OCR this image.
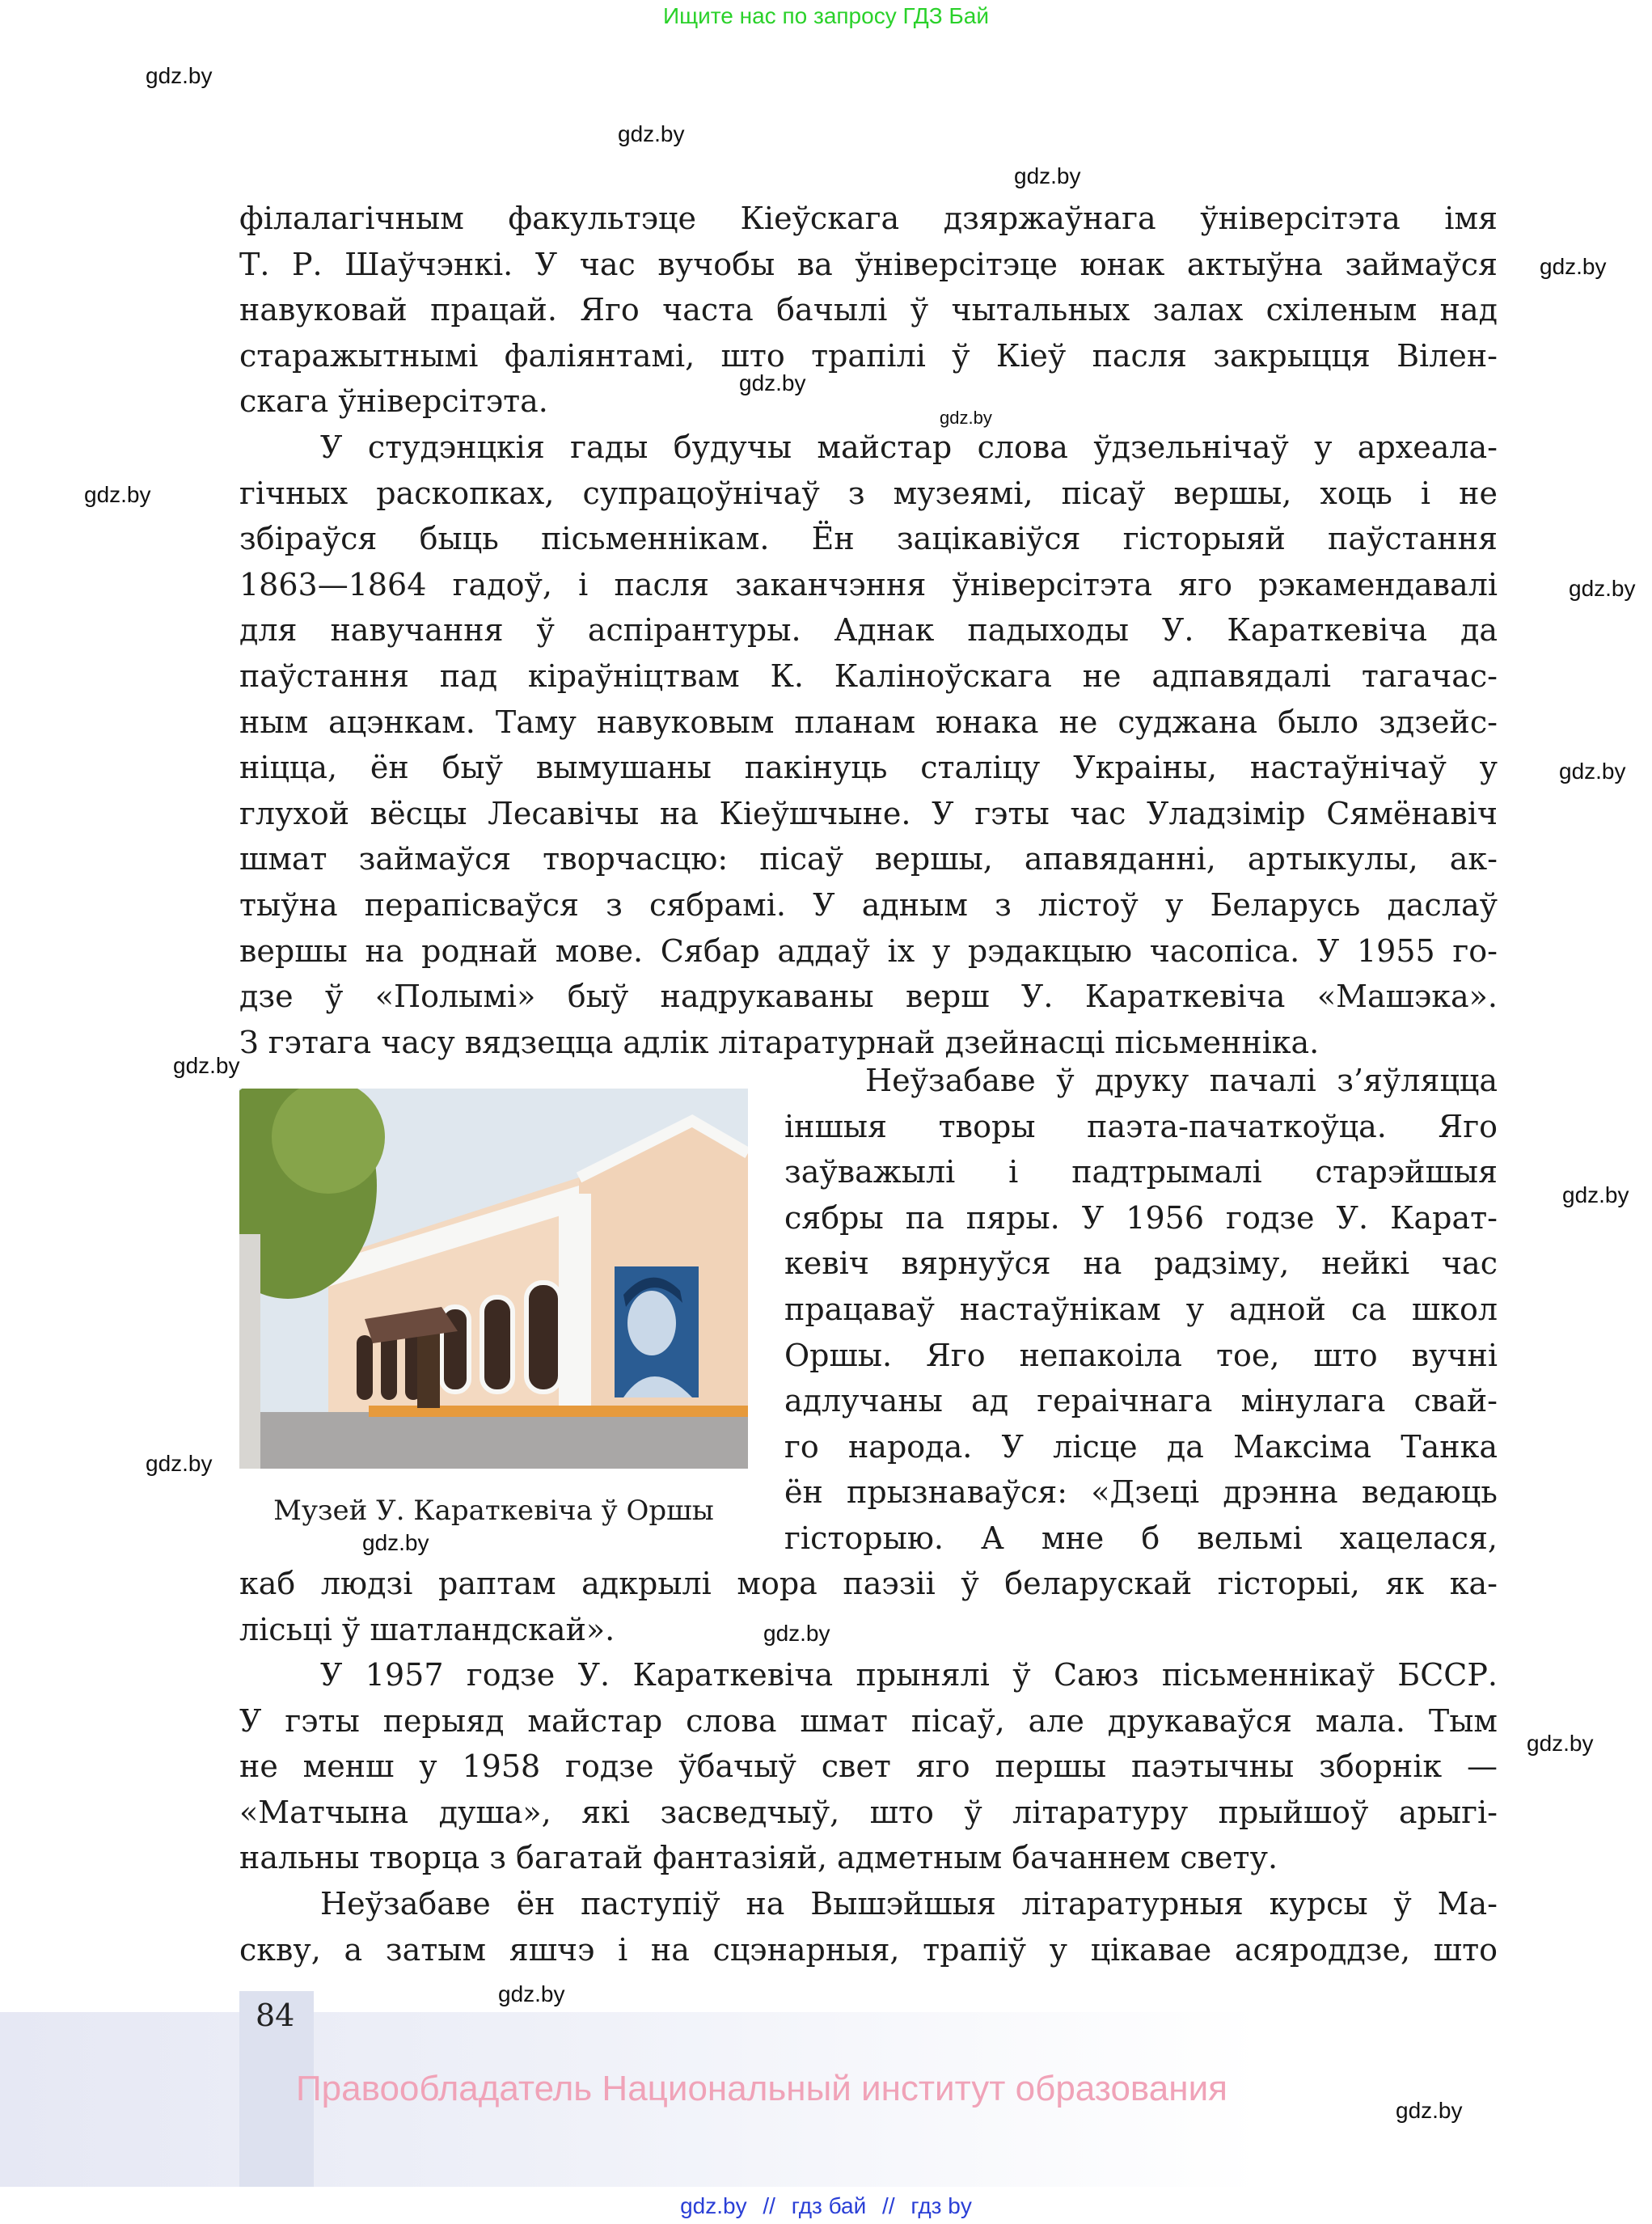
Ищите нас по запросу ГДЗ Бай
gdz.by
gdz.by
gdz.by
gdz.by
gdz.by
gdz.by
gdz.by
gdz.by
gdz.by
gdz.by
gdz.by
gdz.by
gdz.by
gdz.by
gdz.by
gdz.by
gdz.by
філалагічным факультэце Кіеўскага дзяржаўнага ўніверсітэта імя
Т. Р. Шаўчэнкі. У час вучобы ва ўніверсітэце юнак актыўна займаўся
навуковай працай. Яго часта бачылі ў чытальных залах схіленым над
старажытнымі фаліянтамі, што трапілі ў Кіеў пасля закрыцця Вілен-
скага ўніверсітэта.
У студэнцкія гады будучы майстар слова ўдзельнічаў у археала-
гічных раскопках, супрацоўнічаў з музеямі, пісаў вершы, хоць і не
збіраўся быць пісьменнікам. Ён зацікавіўся гісторыяй паўстання
1863—1864 гадоў, і пасля заканчэння ўніверсітэта яго рэкамендавалі
для навучання ў аспірантуры. Аднак падыходы У. Караткевіча да
паўстання пад кіраўніцтвам К. Каліноўскага не адпавядалі тагачас-
ным ацэнкам. Таму навуковым планам юнака не суджана было здзейс-
ніцца, ён быў вымушаны пакінуць сталіцу Украіны, настаўнічаў у
глухой вёсцы Лесавічы на Кіеўшчыне. У гэты час Уладзімір Сямёнавіч
шмат займаўся творчасцю: пісаў вершы, апавяданні, артыкулы, ак-
тыўна перапісваўся з сябрамі. У адным з лістоў у Беларусь даслаў
вершы на роднай мове. Сябар аддаў іх у рэдакцыю часопіса. У 1955 го-
дзе ў «Полымі» быў надрукаваны верш У. Караткевіча «Машэка».
З гэтага часу вядзецца адлік літаратурнай дзейнасці пісьменніка.
Музей У. Караткевіча ў Оршы
Неўзабаве ў друку пачалі з’яўляцца
іншыя творы паэта-пачаткоўца. Яго
заўважылі і падтрымалі старэйшыя
сябры па пяры. У 1956 годзе У. Карат-
кевіч вярнуўся на радзіму, нейкі час
працаваў настаўнікам у адной са школ
Оршы. Яго непакоіла тое, што вучні
адлучаны ад гераічнага мінулага свай-
го народа. У лісце да Максіма Танка
ён прызнаваўся: «Дзеці дрэнна ведаюць
гісторыю. А мне б вельмі хацелася,
каб людзі раптам адкрылі мора паэзіі ў беларускай гісторыі, як ка-
лісьці ў шатландскай».
У 1957 годзе У. Караткевіча прынялі ў Саюз пісьменнікаў БССР.
У гэты перыяд майстар слова шмат пісаў, але друкаваўся мала. Тым
не менш у 1958 годзе ўбачыў свет яго першы паэтычны зборнік —
«Матчына душа», які засведчыў, што ў літаратуру прыйшоў арыгі-
нальны творца з багатай фантазіяй, адметным бачаннем свету.
Неўзабаве ён паступіў на Вышэйшыя літаратурныя курсы ў Ма-
скву, а затым яшчэ і на сцэнарныя, трапіў у цікавае асяроддзе, што
84
Правообладатель Национальный институт образования
gdz.by // гдз бай // гдз by
